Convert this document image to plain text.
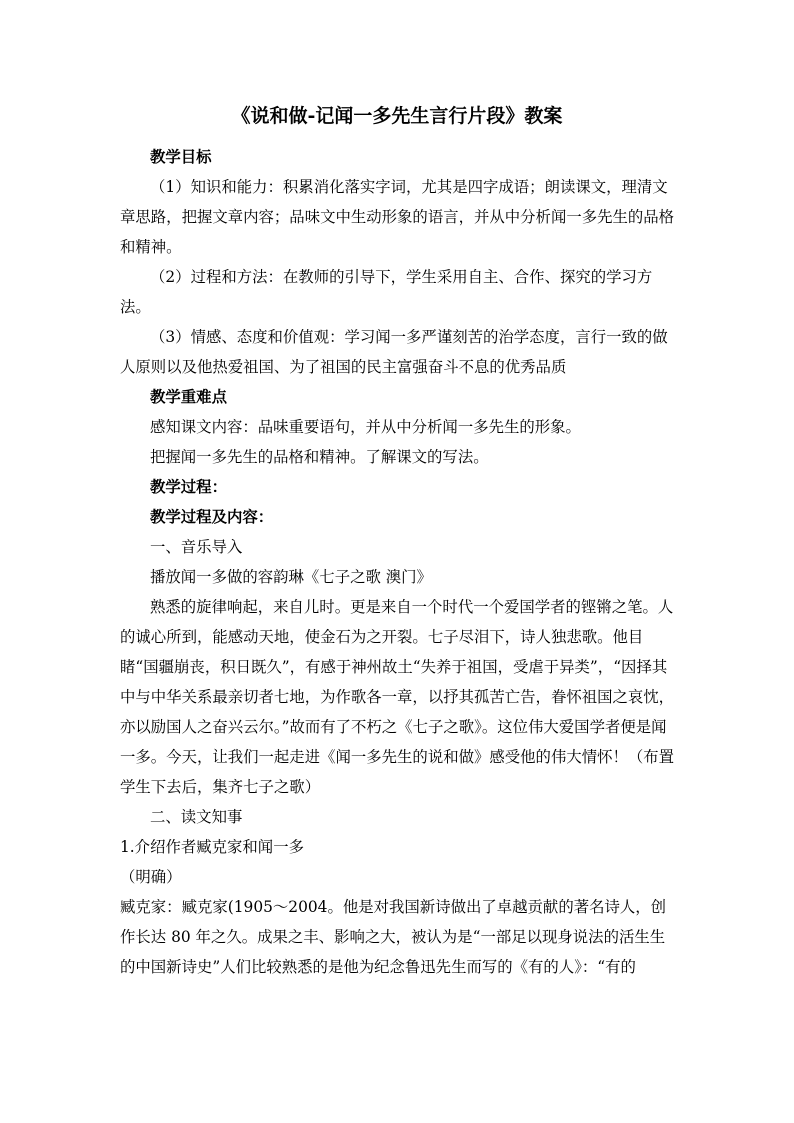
《说和做-记闻一多先生言行片段》教案

教学目标

（1）知识和能力：积累消化落实字词，尤其是四字成语；朗读课文，理清文章思路，把握文章内容；品味文中生动形象的语言，并从中分析闻一多先生的品格和精神。

（2）过程和方法：在教师的引导下，学生采用自主、合作、探究的学习方法。

（3）情感、态度和价值观：学习闻一多严谨刻苦的治学态度，言行一致的做人原则以及他热爱祖国、为了祖国的民主富强奋斗不息的优秀品质

教学重难点

感知课文内容：品味重要语句，并从中分析闻一多先生的形象。

把握闻一多先生的品格和精神。了解课文的写法。

教学过程：

教学过程及内容：

一、音乐导入

播放闻一多做的容韵琳《七子之歌 澳门》

熟悉的旋律响起，来自儿时。更是来自一个时代一个爱国学者的铿锵之笔。人的诚心所到，能感动天地，使金石为之开裂。七子尽泪下，诗人独悲歌。他目睹“国疆崩丧，积日既久”，有感于神州故土“失养于祖国，受虐于异类”，“因择其中与中华关系最亲切者七地，为作歌各一章，以抒其孤苦亡告，眷怀祖国之哀忱，亦以励国人之奋兴云尔。”故而有了不朽之《七子之歌》。这位伟大爱国学者便是闻一多。今天，让我们一起走进《闻一多先生的说和做》感受他的伟大情怀！（布置学生下去后，集齐七子之歌）

二、读文知事

1.介绍作者臧克家和闻一多

（明确）

臧克家：臧克家(1905～2004。他是对我国新诗做出了卓越贡献的著名诗人，创作长达 80 年之久。成果之丰、影响之大，被认为是“一部足以现身说法的活生生的中国新诗史”人们比较熟悉的是他为纪念鲁迅先生而写的《有的人》：“有的
